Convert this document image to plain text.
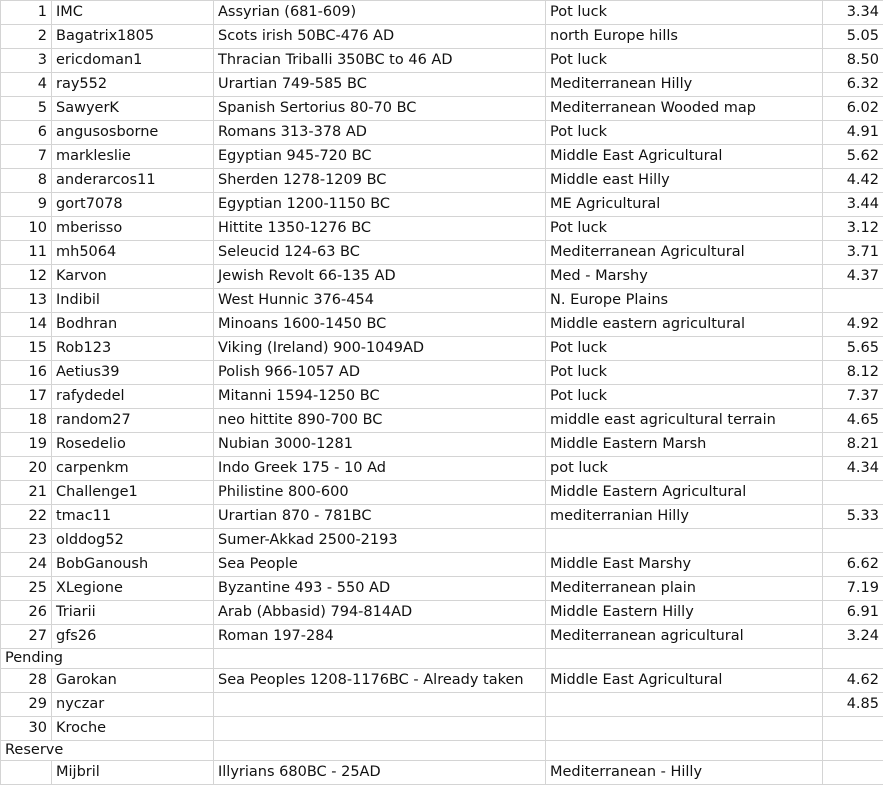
1	IMC	Assyrian (681-609)	Pot luck	3.34
2	Bagatrix1805	Scots irish 50BC-476 AD	north Europe hills	5.05
3	ericdoman1	Thracian Triballi 350BC to 46 AD	Pot luck	8.50
4	ray552	Urartian 749-585 BC	Mediterranean Hilly	6.32
5	SawyerK	Spanish Sertorius 80-70 BC	Mediterranean Wooded map	6.02
6	angusosborne	Romans 313-378 AD	Pot luck	4.91
7	markleslie	Egyptian 945-720 BC	Middle East Agricultural	5.62
8	anderarcos11	Sherden 1278-1209 BC	Middle east Hilly	4.42
9	gort7078	Egyptian 1200-1150 BC	ME Agricultural	3.44
10	mberisso	Hittite 1350-1276 BC	Pot luck	3.12
11	mh5064	Seleucid 124-63 BC	Mediterranean Agricultural	3.71
12	Karvon	Jewish Revolt 66-135 AD	Med - Marshy	4.37
13	Indibil	West Hunnic 376-454	N. Europe Plains	
14	Bodhran	Minoans 1600-1450 BC	Middle eastern agricultural	4.92
15	Rob123	Viking (Ireland) 900-1049AD	Pot luck	5.65
16	Aetius39	Polish 966-1057 AD	Pot luck	8.12
17	rafydedel	Mitanni 1594-1250 BC	Pot luck	7.37
18	random27	neo hittite 890-700 BC	middle east agricultural terrain	4.65
19	Rosedelio	Nubian 3000-1281	Middle Eastern Marsh	8.21
20	carpenkm	Indo Greek 175 - 10 Ad	pot luck	4.34
21	Challenge1	Philistine 800-600	Middle Eastern Agricultural	
22	tmac11	Urartian 870 - 781BC	mediterranian Hilly	5.33
23	olddog52	Sumer-Akkad 2500-2193		
24	BobGanoush	Sea People	Middle East Marshy	6.62
25	XLegione	Byzantine 493 - 550 AD	Mediterranean plain	7.19
26	Triarii	Arab (Abbasid) 794-814AD	Middle Eastern Hilly	6.91
27	gfs26	Roman 197-284	Mediterranean agricultural	3.24
Pending				
28	Garokan	Sea Peoples 1208-1176BC - Already taken	Middle East Agricultural	4.62
29	nyczar			4.85
30	Kroche			
Reserve				
	Mijbril	Illyrians 680BC - 25AD	Mediterranean - Hilly	
